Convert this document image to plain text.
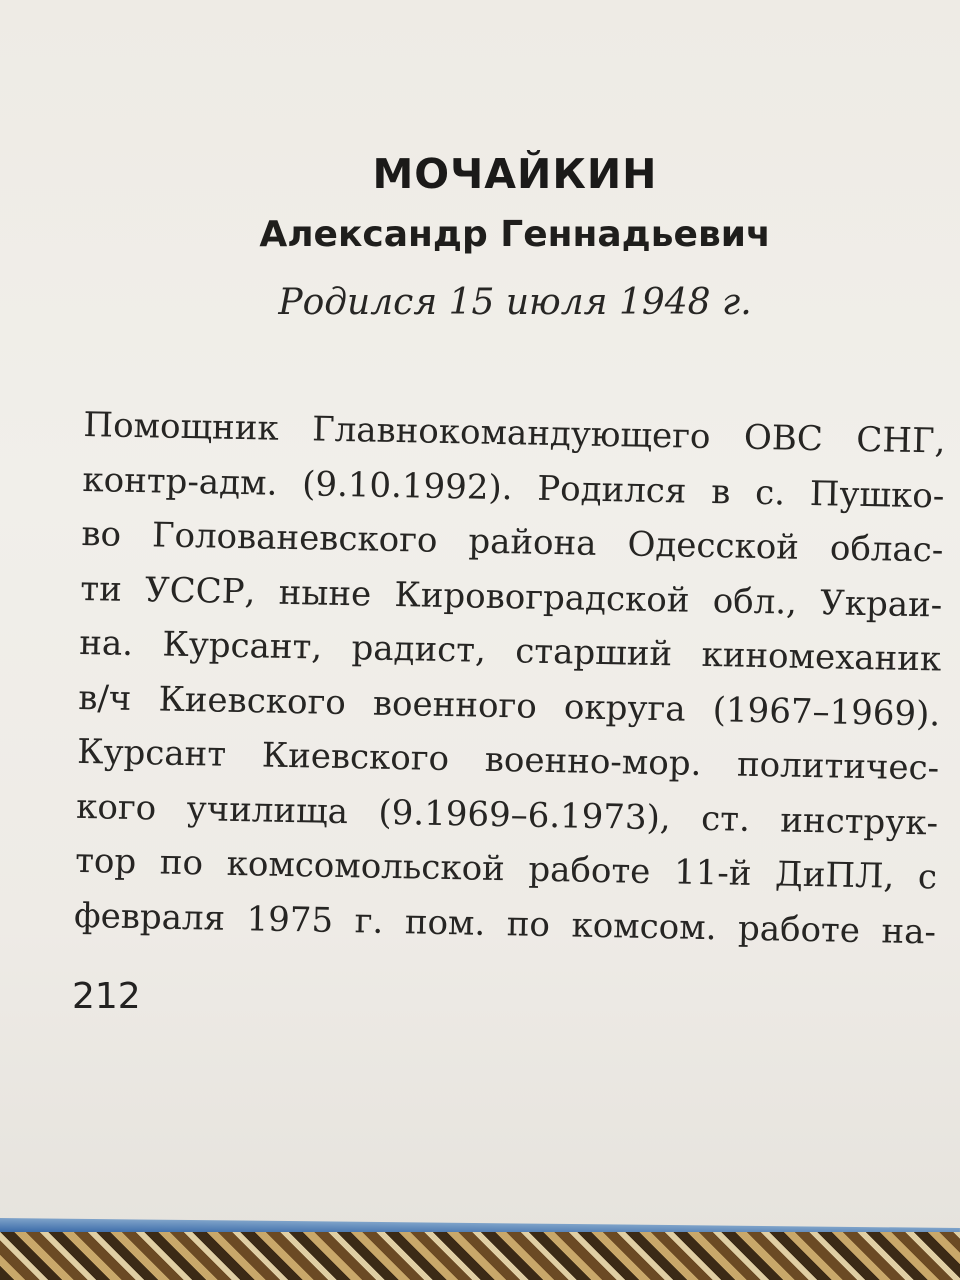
МОЧАЙКИН
Александр Геннадьевич
Родился 15 июля 1948 г.
Помощник Главнокомандующего ОВС СНГ,
контр-адм. (9.10.1992). Родился в с. Пушко-
во Голованевского района Одесской облас-
ти УССР, ныне Кировоградской обл., Украи-
на. Курсант, радист, старший киномеханик
в/ч Киевского военного округа (1967–1969).
Курсант Киевского военно-мор. политичес-
кого училища (9.1969–6.1973), ст. инструк-
тор по комсомольской работе 11-й ДиПЛ, с
февраля 1975 г. пом. по комсом. работе на-
212
